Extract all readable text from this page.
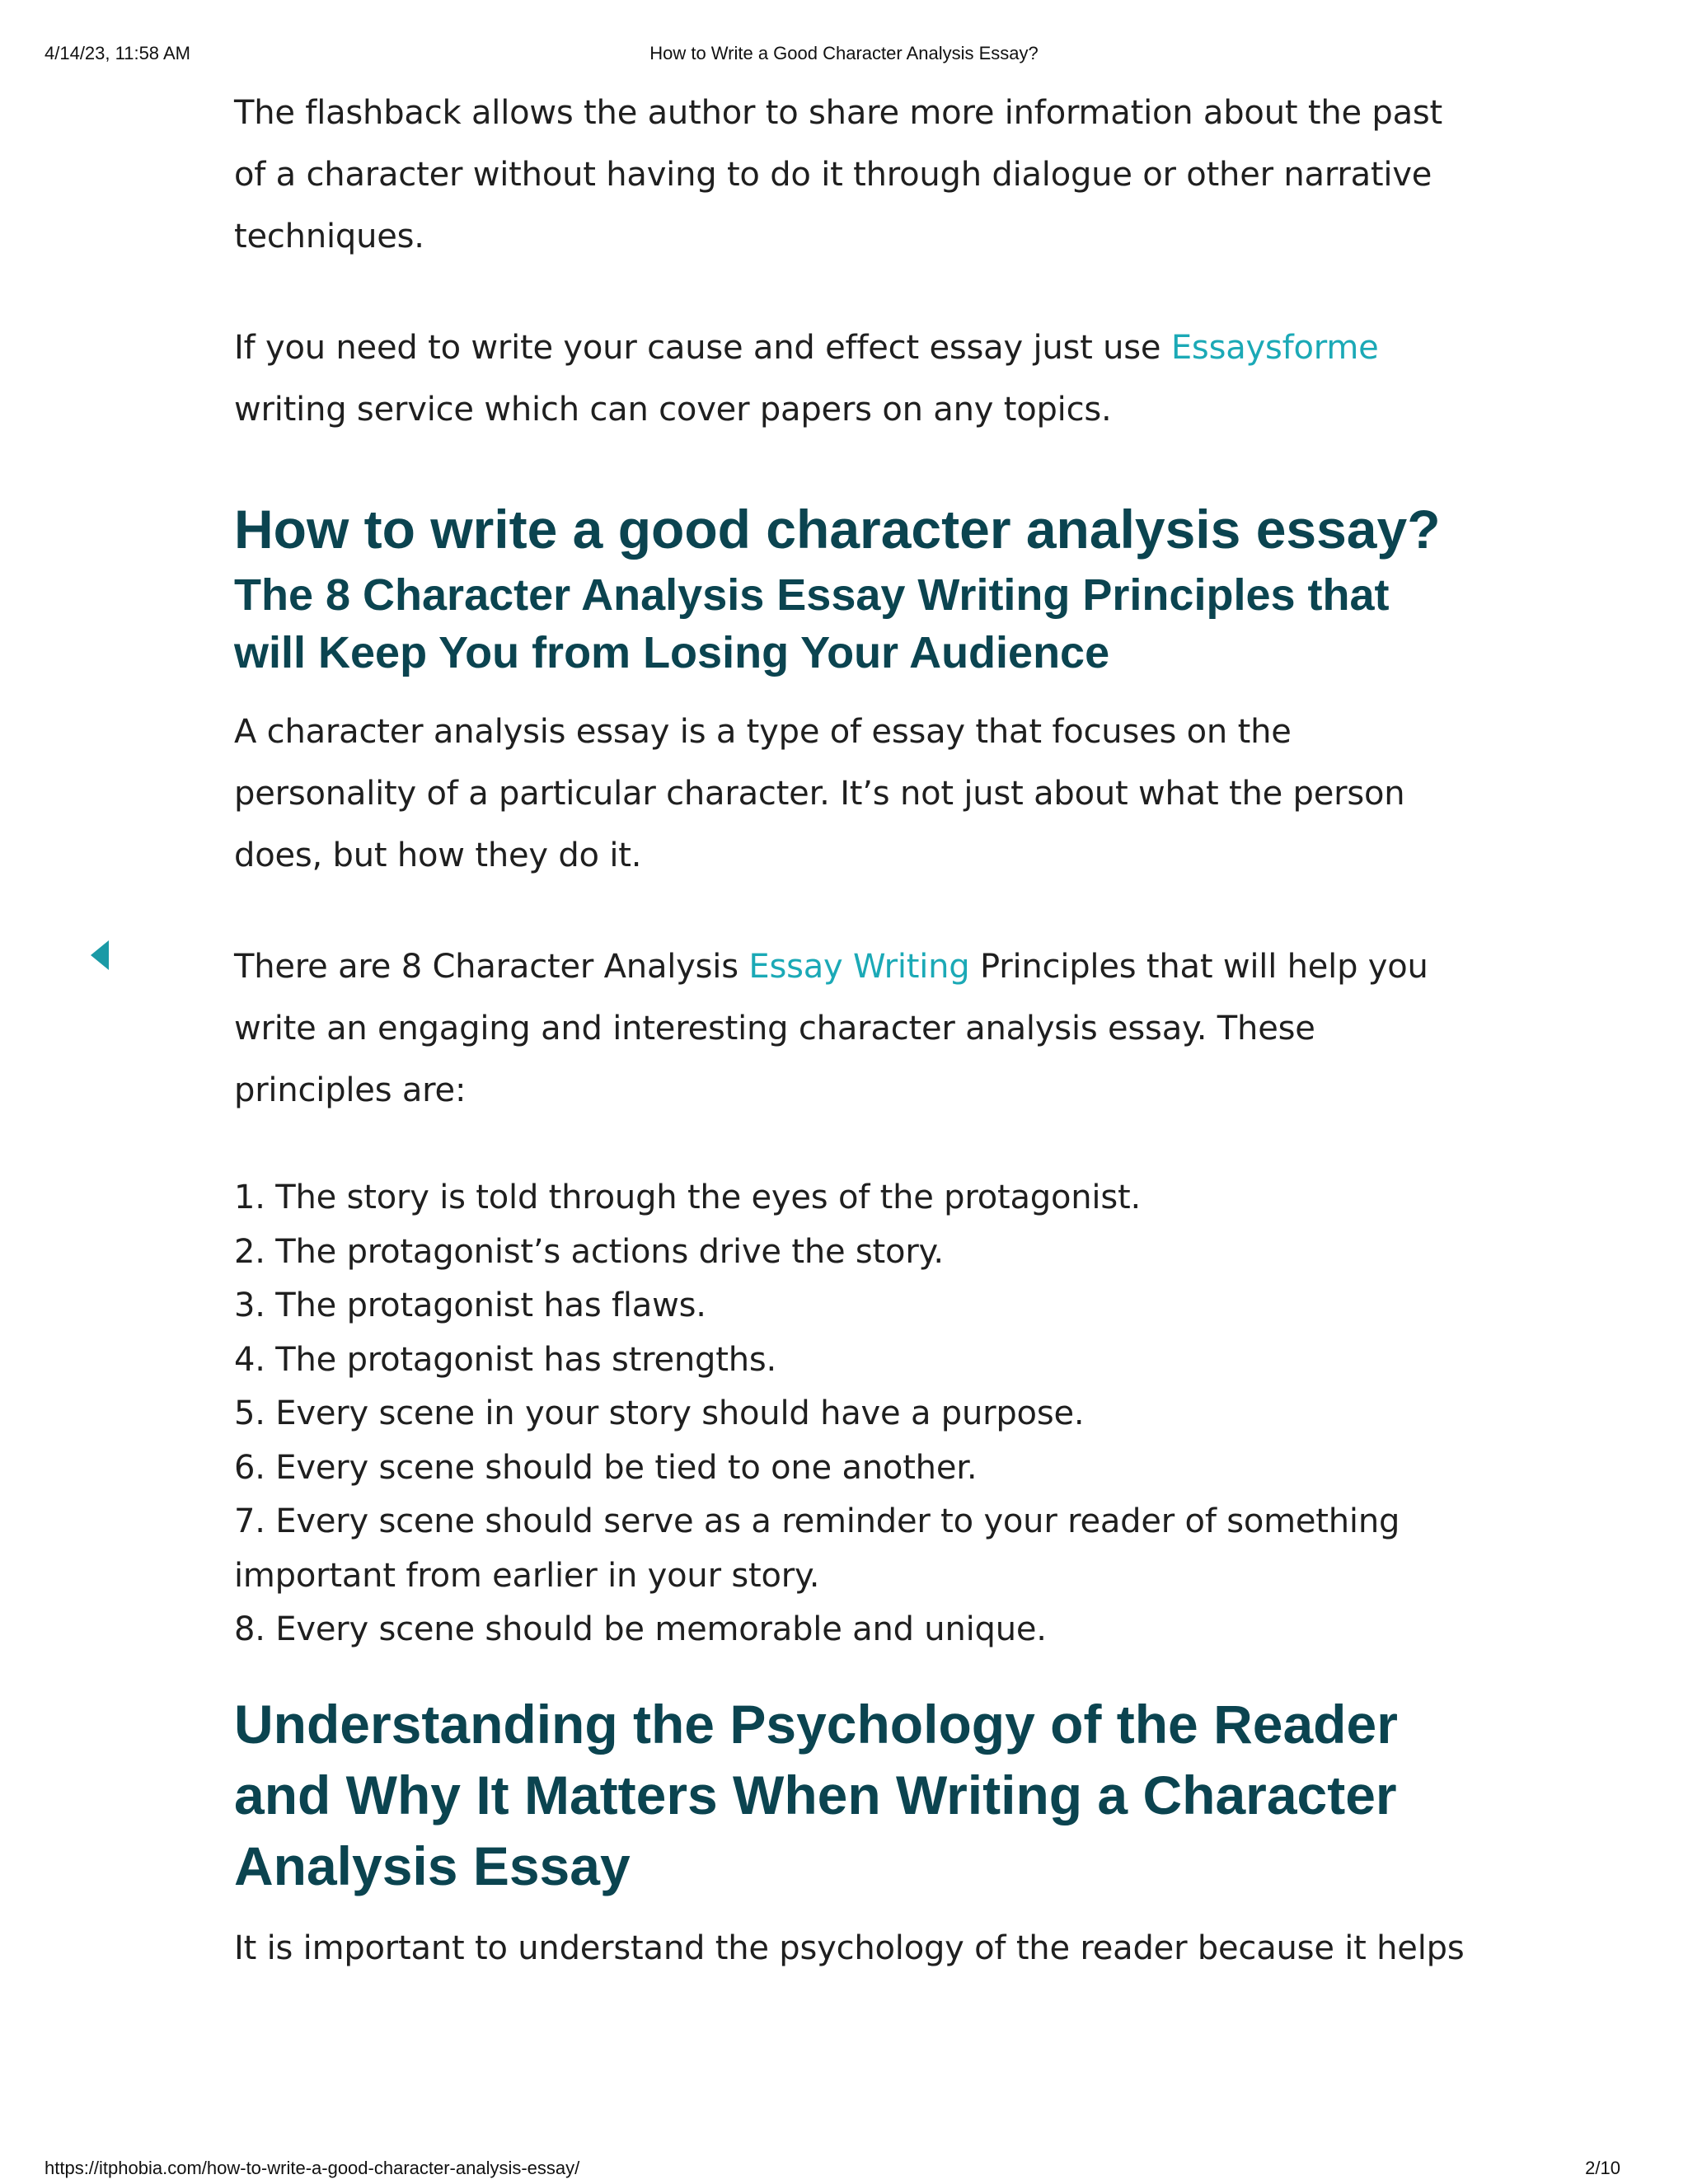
4/14/23, 11:58 AM	How to Write a Good Character Analysis Essay?

The flashback allows the author to share more information about the past of a character without having to do it through dialogue or other narrative techniques.

If you need to write your cause and effect essay just use Essaysforme writing service which can cover papers on any topics.

How to write a good character analysis essay?
The 8 Character Analysis Essay Writing Principles that will Keep You from Losing Your Audience

A character analysis essay is a type of essay that focuses on the personality of a particular character. It’s not just about what the person does, but how they do it.

There are 8 Character Analysis Essay Writing Principles that will help you write an engaging and interesting character analysis essay. These principles are:

1. The story is told through the eyes of the protagonist.
2. The protagonist’s actions drive the story.
3. The protagonist has flaws.
4. The protagonist has strengths.
5. Every scene in your story should have a purpose.
6. Every scene should be tied to one another.
7. Every scene should serve as a reminder to your reader of something important from earlier in your story.
8. Every scene should be memorable and unique.
Understanding the Psychology of the Reader and Why It Matters When Writing a Character Analysis Essay

It is important to understand the psychology of the reader because it helps

https://itphobia.com/how-to-write-a-good-character-analysis-essay/	2/10
